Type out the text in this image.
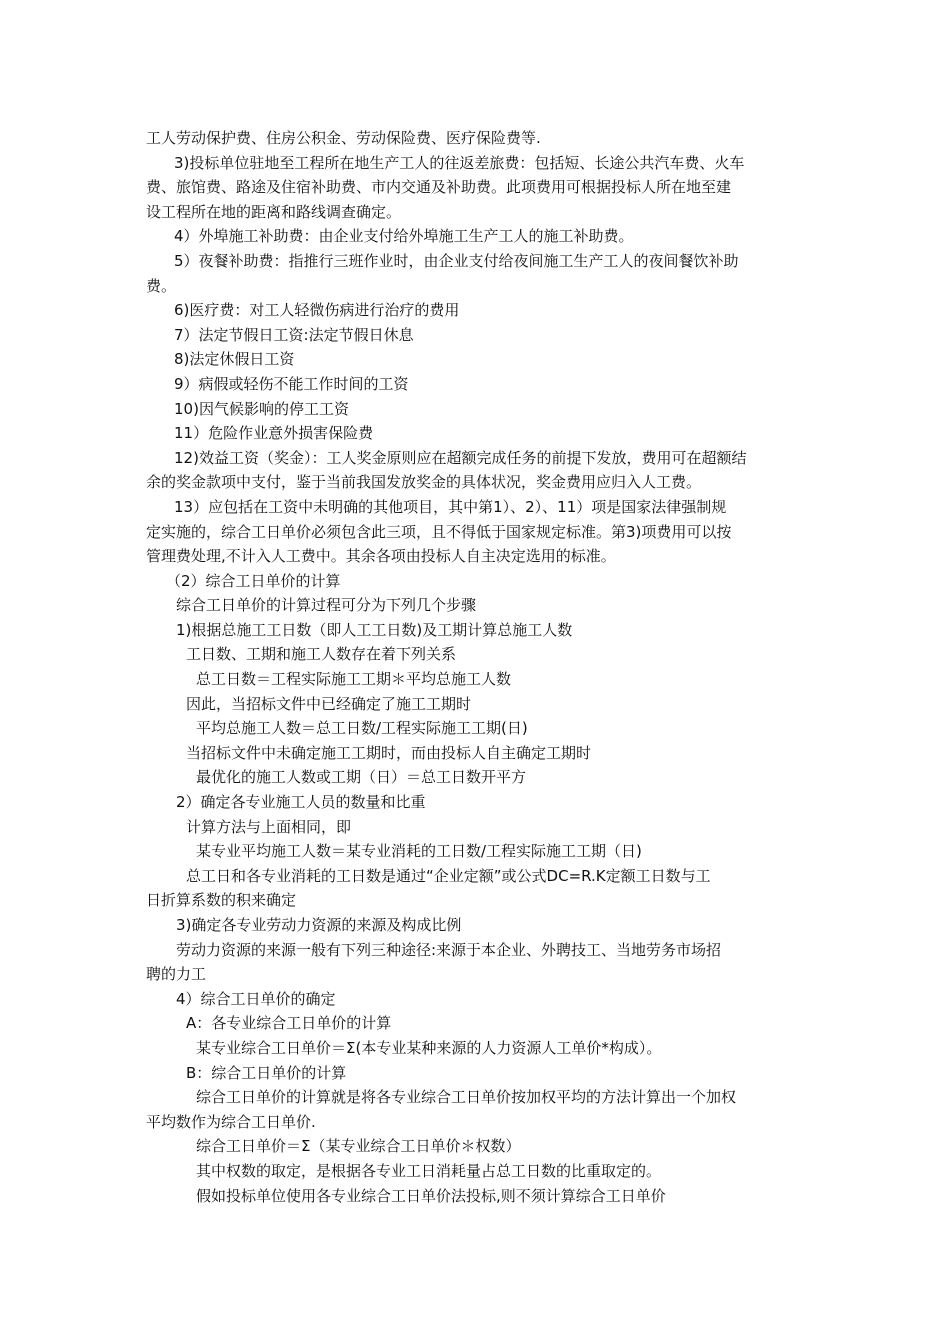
工人劳动保护费、住房公积金、劳动保险费、医疗保险费等.

3)投标单位驻地至工程所在地生产工人的往返差旅费：包括短、长途公共汽车费、火车

费、旅馆费、路途及住宿补助费、市内交通及补助费。此项费用可根据投标人所在地至建

设工程所在地的距离和路线调查确定。

4）外埠施工补助费：由企业支付给外埠施工生产工人的施工补助费。

5）夜餐补助费：指推行三班作业时，由企业支付给夜间施工生产工人的夜间餐饮补助

费。

6)医疗费：对工人轻微伤病进行治疗的费用

7）法定节假日工资:法定节假日休息

8)法定休假日工资

9）病假或轻伤不能工作时间的工资

10)因气候影响的停工工资

11）危险作业意外损害保险费

12)效益工资（奖金）：工人奖金原则应在超额完成任务的前提下发放，费用可在超额结

余的奖金款项中支付，鉴于当前我国发放奖金的具体状况，奖金费用应归入人工费。

13）应包括在工资中未明确的其他项目，其中第1）、2）、11）项是国家法律强制规

定实施的，综合工日单价必须包含此三项，且不得低于国家规定标准。第3)项费用可以按

管理费处理,不计入人工费中。其余各项由投标人自主决定选用的标准。

（2）综合工日单价的计算

综合工日单价的计算过程可分为下列几个步骤

1)根据总施工工日数（即人工工日数)及工期计算总施工人数

工日数、工期和施工人数存在着下列关系

总工日数＝工程实际施工工期＊平均总施工人数

因此，当招标文件中已经确定了施工工期时

平均总施工人数＝总工日数/工程实际施工工期(日)

当招标文件中未确定施工工期时，而由投标人自主确定工期时

最优化的施工人数或工期（日）＝总工日数开平方

2）确定各专业施工人员的数量和比重

计算方法与上面相同，即

某专业平均施工人数＝某专业消耗的工日数/工程实际施工工期（日)

总工日和各专业消耗的工日数是通过“企业定额”或公式DC=R.K定额工日数与工

日折算系数的积来确定

3)确定各专业劳动力资源的来源及构成比例

劳动力资源的来源一般有下列三种途径:来源于本企业、外聘技工、当地劳务市场招

聘的力工

4）综合工日单价的确定

A：各专业综合工日单价的计算

某专业综合工日单价＝Σ(本专业某种来源的人力资源人工单价*构成）。

B：综合工日单价的计算

综合工日单价的计算就是将各专业综合工日单价按加权平均的方法计算出一个加权

平均数作为综合工日单价.

综合工日单价＝Σ（某专业综合工日单价＊权数）

其中权数的取定，是根据各专业工日消耗量占总工日数的比重取定的。

假如投标单位使用各专业综合工日单价法投标,则不须计算综合工日单价
